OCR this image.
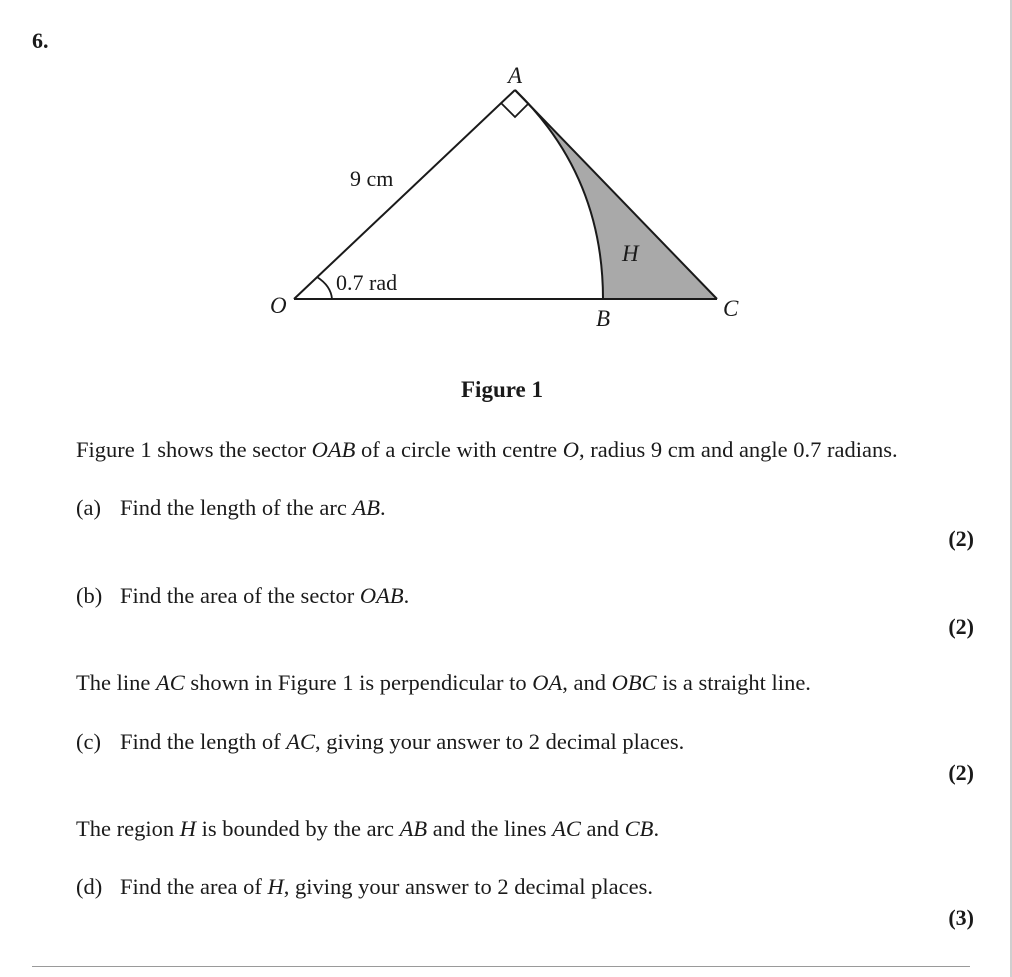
6.
A
O
B	C
H
9 cm
0.7 rad
Figure 1
Figure 1 shows the sector OAB of a circle with centre O, radius 9 cm and angle 0.7 radians.
(a) Find the length of the arc AB.
(2)
(b) Find the area of the sector OAB.
(2)
The line AC shown in Figure 1 is perpendicular to OA, and OBC is a straight line.
(c) Find the length of AC, giving your answer to 2 decimal places.
(2)
The region H is bounded by the arc AB and the lines AC and CB.
(d) Find the area of H, giving your answer to 2 decimal places.
(3)
